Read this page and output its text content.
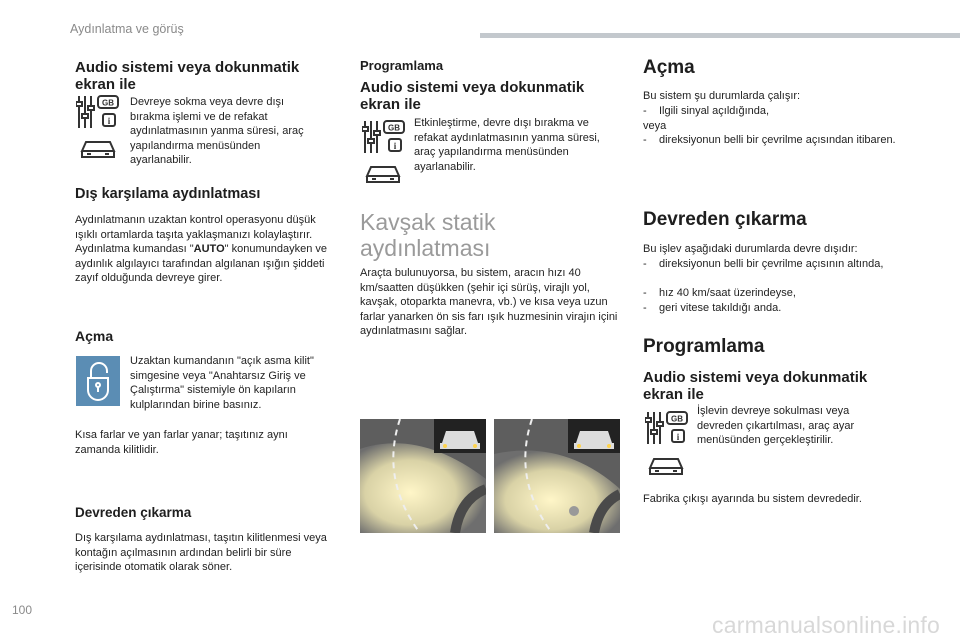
Aydınlatma ve görüş
Audio sistemi veya dokunmatik ekran ile
GB
i

Devreye sokma veya devre dışı bırakma işlemi ve de refakat aydınlatmasının yanma süresi, araç yapılandırma menüsünden ayarlanabilir.

Dış karşılama aydınlatması

Aydınlatmanın uzaktan kontrol operasyonu düşük ışıklı ortamlarda taşıta yaklaşmanızı kolaylaştırır. Aydınlatma kumandası "AUTO" konumundayken ve aydınlık algılayıcı tarafından algılanan ışığın şiddeti zayıf olduğunda devreye girer.

Açma

Uzaktan kumandanın "açık asma kilit" simgesine veya "Anahtarsız Giriş ve Çalıştırma" sistemiyle ön kapıların kulplarından birine basınız.

Kısa farlar ve yan farlar yanar; taşıtınız aynı zamanda kilitlidir.

Devreden çıkarma

Dış karşılama aydınlatması, taşıtın kilitlenmesi veya kontağın açılmasının ardından belirli bir süre içerisinde otomatik olarak söner.

Programlama
Audio sistemi veya dokunmatik ekran ile
GB
i

Etkinleştirme, devre dışı bırakma ve refakat aydınlatmasının yanma süresi, araç yapılandırma menüsünden ayarlanabilir.

Kavşak statik
aydınlatması

Araçta bulunuyorsa, bu sistem, aracın hızı 40 km/saatten düşükken (şehir içi sürüş, virajlı yol, kavşak, otoparkta manevra, vb.) ve kısa veya uzun farlar yanarken ön sis farı ışık huzmesinin virajın içini aydınlatmasını sağlar.

Açma

Bu sistem şu durumlarda çalışır:

- Ilgili sinyal açıldığında,

veya

- direksiyonun belli bir çevrilme açısından itibaren.
Devreden çıkarma

Bu işlev aşağıdaki durumlarda devre dışıdır:

- direksiyonun belli bir çevrilme açısının altında,
- hız 40 km/saat üzerindeyse,
- geri vitese takıldığı anda.
Programlama
Audio sistemi veya dokunmatik ekran ile
GB
i

İşlevin devreye sokulması veya devreden çıkartılması, araç ayar menüsünden gerçekleştirilir.

Fabrika çıkışı ayarında bu sistem devrededir.

100
carmanualsonline.info
